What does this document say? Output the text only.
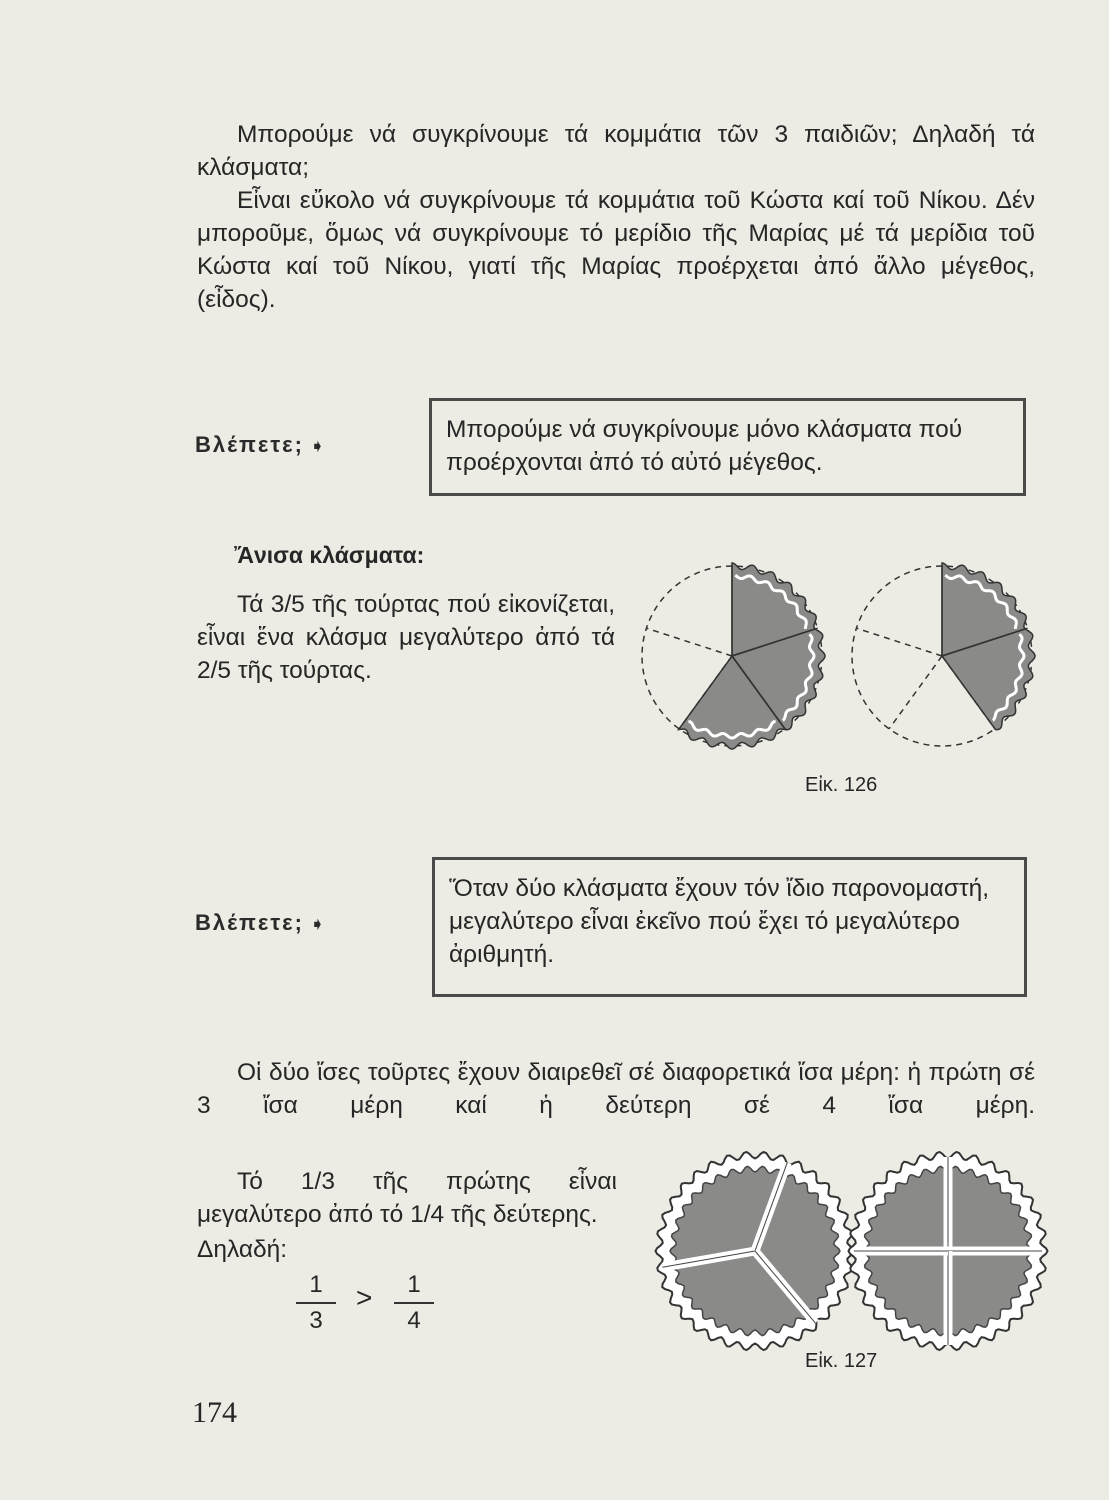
Μπορούμε νά συγκρίνουμε τά κομμάτια τῶν 3 παιδιῶν; Δηλαδή τά κλάσματα;

Εἶναι εὔκολο νά συγκρίνουμε τά κομμάτια τοῦ Κώστα καί τοῦ Νίκου. Δέν μποροῦμε, ὅμως νά συγκρίνουμε τό μερίδιο τῆς Μαρίας μέ τά μερίδια τοῦ Κώστα καί τοῦ Νίκου, γιατί τῆς Μαρίας προέρχεται ἀπό ἄλλο μέγεθος, (εἶδος).

Βλέπετε; ➧
Μπορούμε νά συγκρίνουμε μόνο κλάσματα πού προέρχονται ἀπό τό αὐτό μέγεθος.
Ἄνισα κλάσματα:

Τά 3/5 τῆς τούρτας πού εἰκονίζεται, εἶναι ἕνα κλάσμα μεγαλύτερο ἀπό τά 2/5 τῆς τούρτας.

Εἰκ. 126
Βλέπετε; ➧
Ὅταν δύο κλάσματα ἔχουν τόν ἴδιο παρονομαστή, μεγαλύτερο εἶναι ἐκεῖνο πού ἔχει τό μεγαλύτερο ἀριθμητή.

Οἱ δύο ἴσες τοῦρτες ἔχουν διαιρεθεῖ σέ διαφορετικά ἴσα μέρη: ἡ πρώτη σέ 3 ἴσα μέρη καί ἡ δεύτερη σέ 4 ἴσα μέρη.

Τό 1/3 τῆς πρώτης εἶναι μεγαλύτερο ἀπό τό 1/4 τῆς δεύτερης.

Δηλαδή:
1
3
>	1
4
Εἰκ. 127
174
